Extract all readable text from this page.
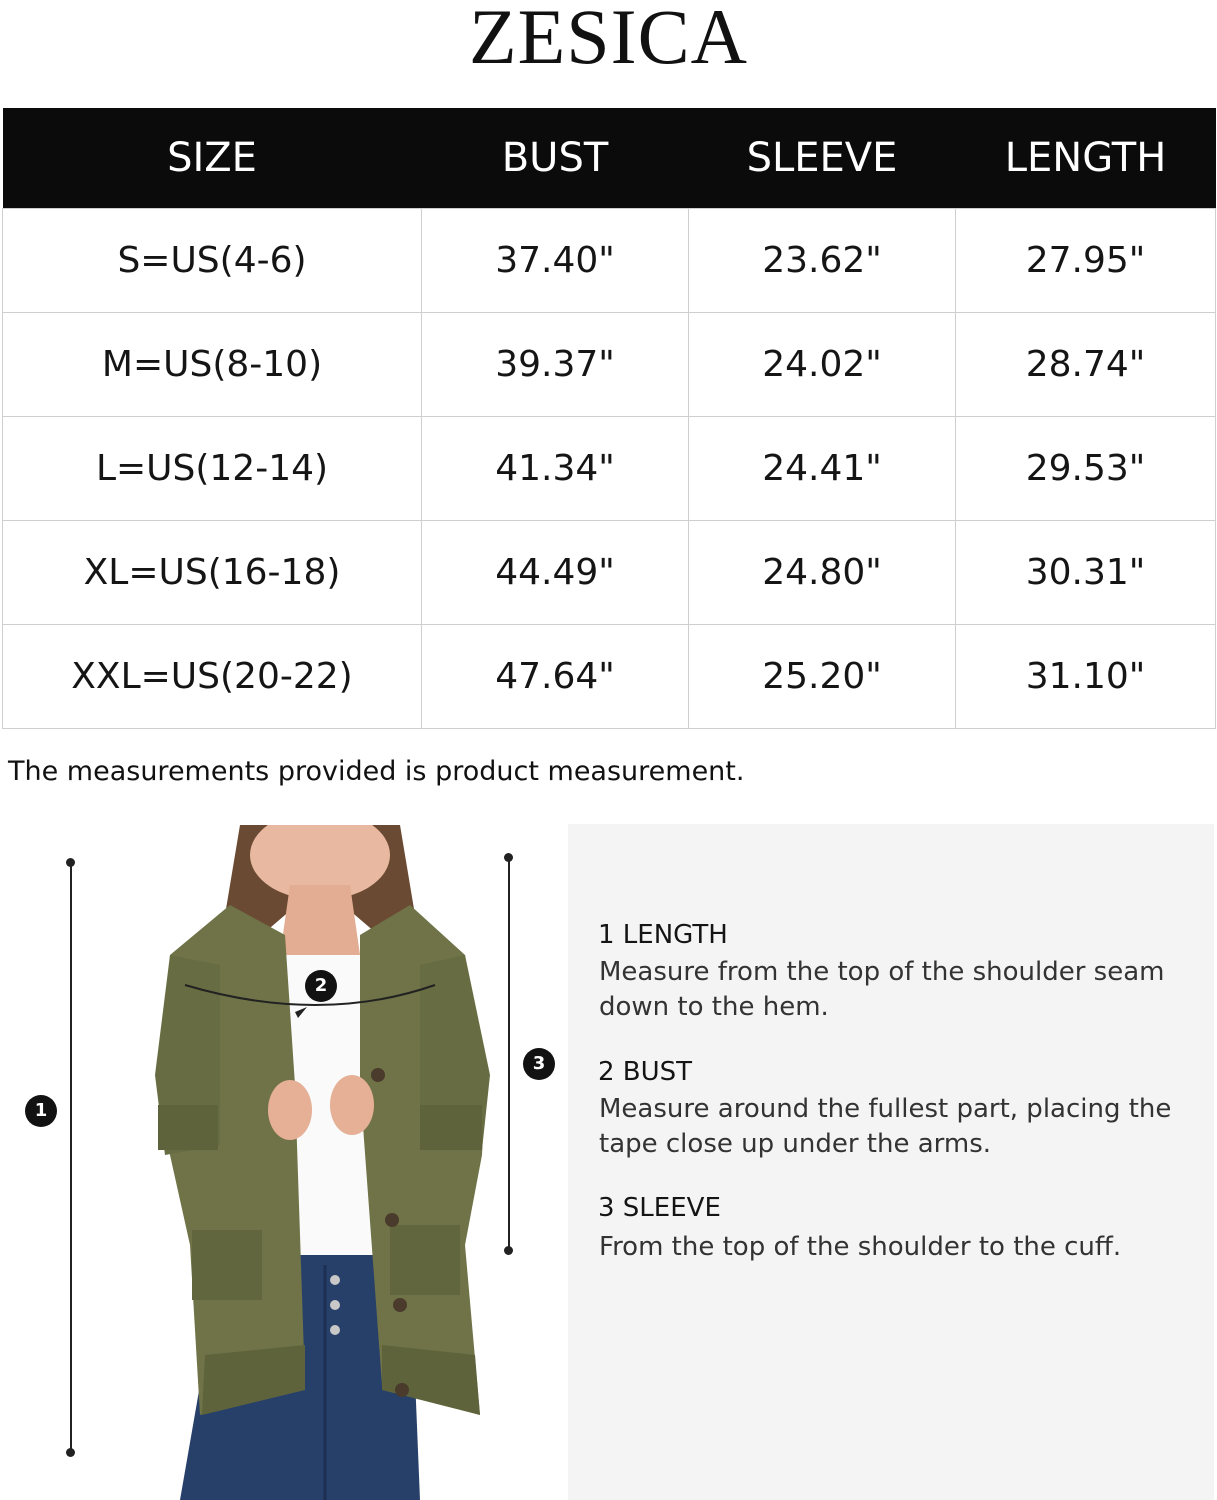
ZESICA
SIZE	BUST	SLEEVE	LENGTH
S=US(4-6)	37.40"	23.62"	27.95"
M=US(8-10)	39.37"	24.02"	28.74"
L=US(12-14)	41.34"	24.41"	29.53"
XL=US(16-18)	44.49"	24.80"	30.31"
XXL=US(20-22)	47.64"	25.20"	31.10"
The measurements provided is product measurement.
1
3
2
1 LENGTH
Measure from the top of the shoulder seam down to the hem.
2 BUST
Measure around the fullest part, placing the tape close up under the arms.
3 SLEEVE
From the top of the shoulder to the cuff.
